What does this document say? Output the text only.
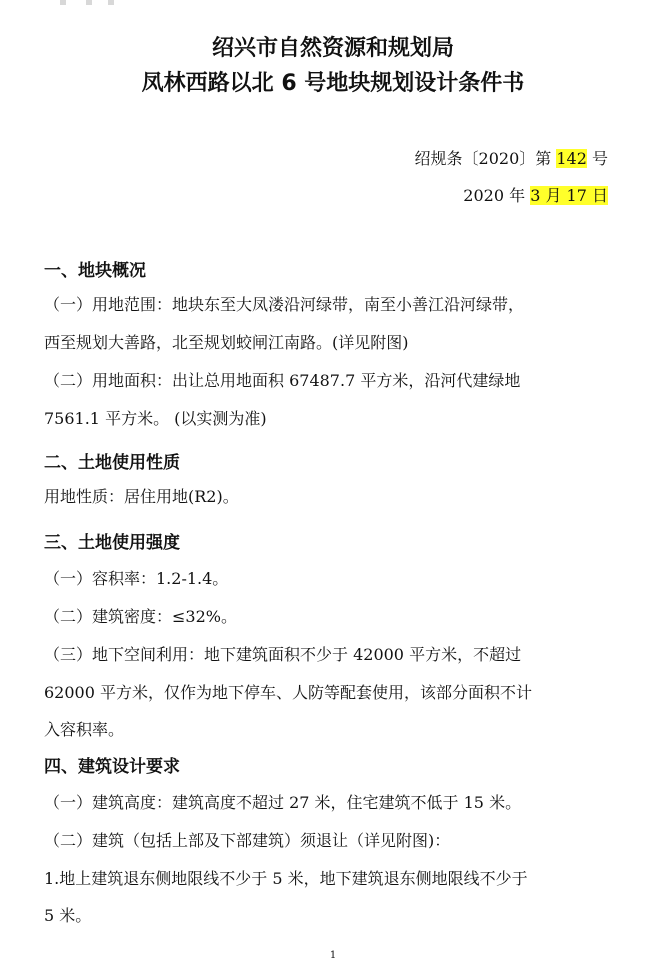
绍兴市自然资源和规划局
凤林西路以北 6 号地块规划设计条件书
绍规条〔2020〕第 142 号
2020 年 3 月 17 日
一、地块概况
（一）用地范围：地块东至大凤溇沿河绿带，南至小善江沿河绿带，
西至规划大善路，北至规划蛟闸江南路。(详见附图)
（二）用地面积：出让总用地面积 67487.7 平方米，沿河代建绿地
7561.1 平方米。 (以实测为准)
二、土地使用性质
用地性质：居住用地(R2)。
三、土地使用强度
（一）容积率：1.2-1.4。
（二）建筑密度：≤32%。
（三）地下空间利用：地下建筑面积不少于 42000 平方米，不超过
62000 平方米，仅作为地下停车、人防等配套使用，该部分面积不计
入容积率。
四、建筑设计要求
（一）建筑高度：建筑高度不超过 27 米，住宅建筑不低于 15 米。
（二）建筑（包括上部及下部建筑）须退让（详见附图)：
1.地上建筑退东侧地限线不少于 5 米，地下建筑退东侧地限线不少于
5 米。
1
